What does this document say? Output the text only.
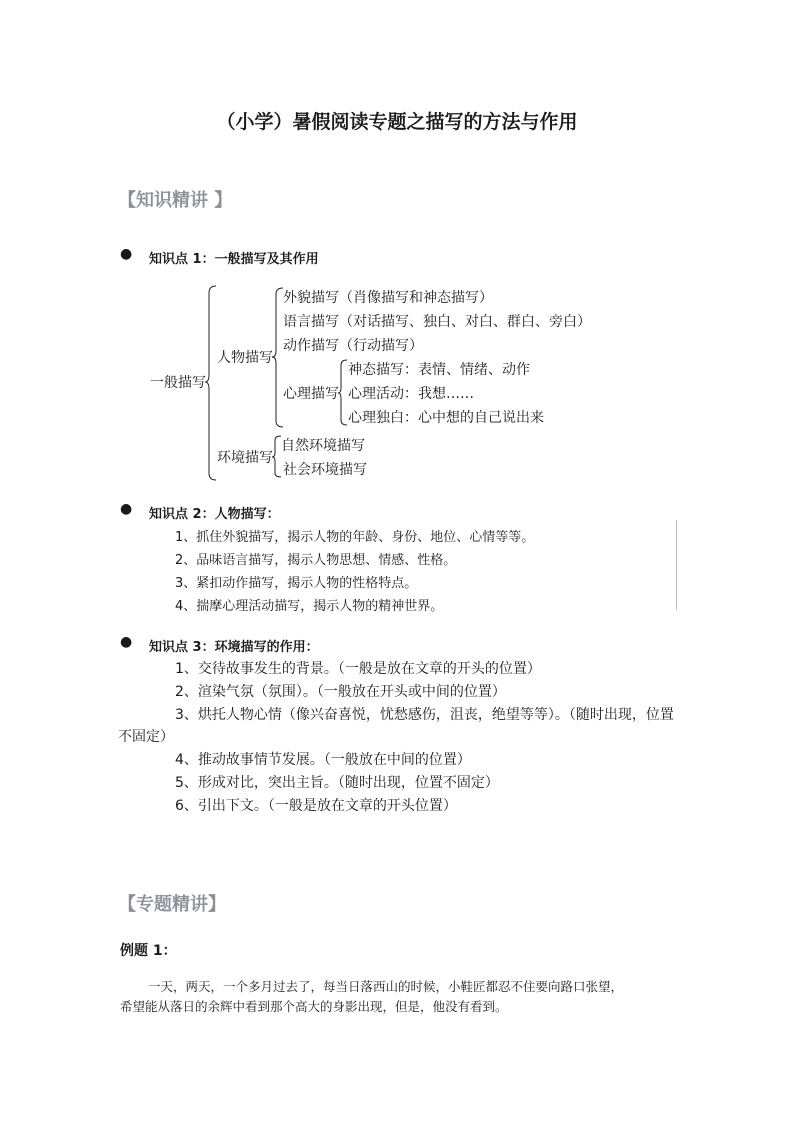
（小学）暑假阅读专题之描写的方法与作用
【知识精讲 】
● 知识点 1：一般描写及其作用
一般描写
人物描写
外貌描写（肖像描写和神态描写）
语言描写（对话描写、独白、对白、群白、旁白）
动作描写（行动描写）
心理描写
神态描写：表情、情绪、动作
心理活动：我想……
心理独白：心中想的自己说出来
环境描写
自然环境描写
社会环境描写
● 知识点 2：人物描写：
1、抓住外貌描写，揭示人物的年龄、身份、地位、心情等等。
2、品味语言描写，揭示人物思想、情感、性格。
3、紧扣动作描写，揭示人物的性格特点。
4、揣摩心理活动描写，揭示人物的精神世界。
● 知识点 3：环境描写的作用：
1、交待故事发生的背景。（一般是放在文章的开头的位置）
2、渲染气氛（氛围）。（一般放在开头或中间的位置）
3、烘托人物心情（像兴奋喜悦，忧愁感伤，沮丧，绝望等等）。（随时出现，位置
不固定）
4、推动故事情节发展。（一般放在中间的位置）
5、形成对比，突出主旨。（随时出现，位置不固定）
6、引出下文。（一般是放在文章的开头位置）
【专题精讲】
例题 1：
一天，两天，一个多月过去了，每当日落西山的时候，小鞋匠都忍不住要向路口张望，
希望能从落日的余辉中看到那个高大的身影出现，但是，他没有看到。
